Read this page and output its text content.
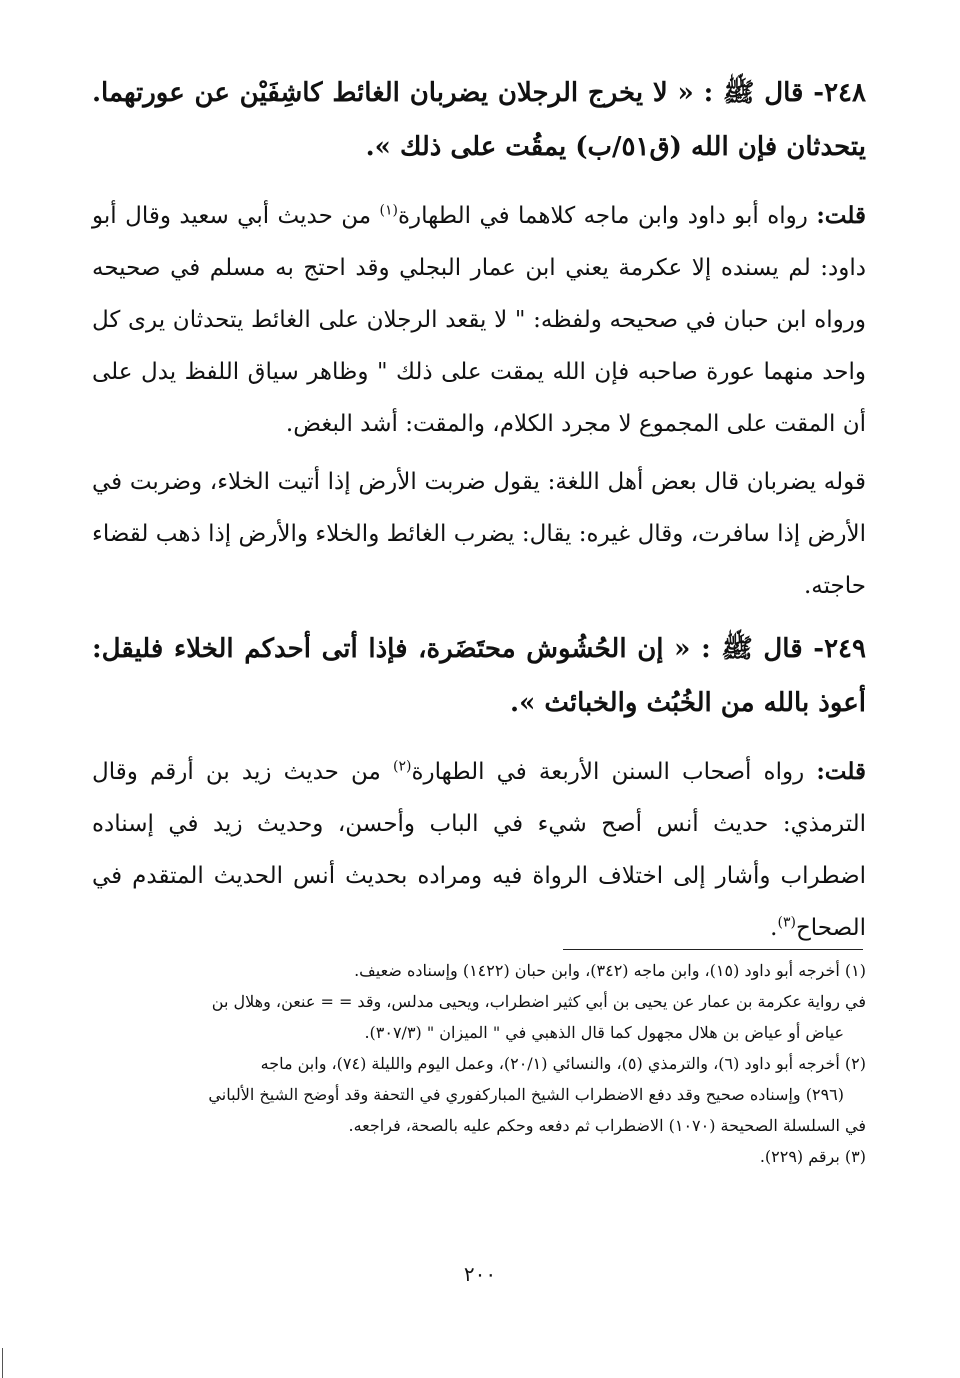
٢٤٨- قال ﷺ : « لا يخرج الرجلان يضربان الغائط كاشِفَيْن عن عورتهما. يتحدثان فإن الله (ق٥١/ب) يمقُت على ذلك ».

قلت: رواه أبو داود وابن ماجه كلاهما في الطهارة$^{(١)}$ من حديث أبي سعيد وقال أبو داود: لم يسنده إلا عكرمة يعني ابن عمار البجلي وقد احتج به مسلم في صحيحه ورواه ابن حبان في صحيحه ولفظه: " لا يقعد الرجلان على الغائط يتحدثان يرى كل واحد منهما عورة صاحبه فإن الله يمقت على ذلك " وظاهر سياق اللفظ يدل على أن المقت على المجموع لا مجرد الكلام، والمقت: أشد البغض.

قوله يضربان قال بعض أهل اللغة: يقول ضربت الأرض إذا أتيت الخلاء، وضربت في الأرض إذا سافرت، وقال غيره: يقال: يضرب الغائط والخلاء والأرض إذا ذهب لقضاء حاجته.

٢٤٩- قال ﷺ : « إن الحُشُوش محتَضَرة، فإذا أتى أحدكم الخلاء فليقل: أعوذ بالله من الخُبُث والخبائث ».

قلت: رواه أصحاب السنن الأربعة في الطهارة$^{(٢)}$ من حديث زيد بن أرقم وقال الترمذي: حديث أنس أصح شيء في الباب وأحسن، وحديث زيد في إسناده اضطراب وأشار إلى اختلاف الرواة فيه ومراده بحديث أنس الحديث المتقدم في الصحاح$^{(٣)}$.

(١) أخرجه أبو داود (١٥)، وابن ماجه (٣٤٢)، وابن حبان (١٤٢٢) وإسناده ضعيف.

في رواية عكرمة بن عمار عن يحيى بن أبي كثير اضطراب، ويحيى مدلس، وقد = = عنعن، وهلال بن

عياض أو عياض بن هلال مجهول كما قال الذهبي في " الميزان " (٣٠٧/٣).

(٢) أخرجه أبو داود (٦)، والترمذي (٥)، والنسائي (٢٠/١)، وعمل اليوم والليلة (٧٤)، وابن ماجه

(٢٩٦) وإسناده صحيح وقد دفع الاضطراب الشيخ المباركفوري في التحفة وقد أوضح الشيخ الألباني

في السلسلة الصحيحة (١٠٧٠) الاضطراب ثم دفعه وحكم عليه بالصحة، فراجعه.

(٣) برقم (٢٢٩).

٢٠٠
